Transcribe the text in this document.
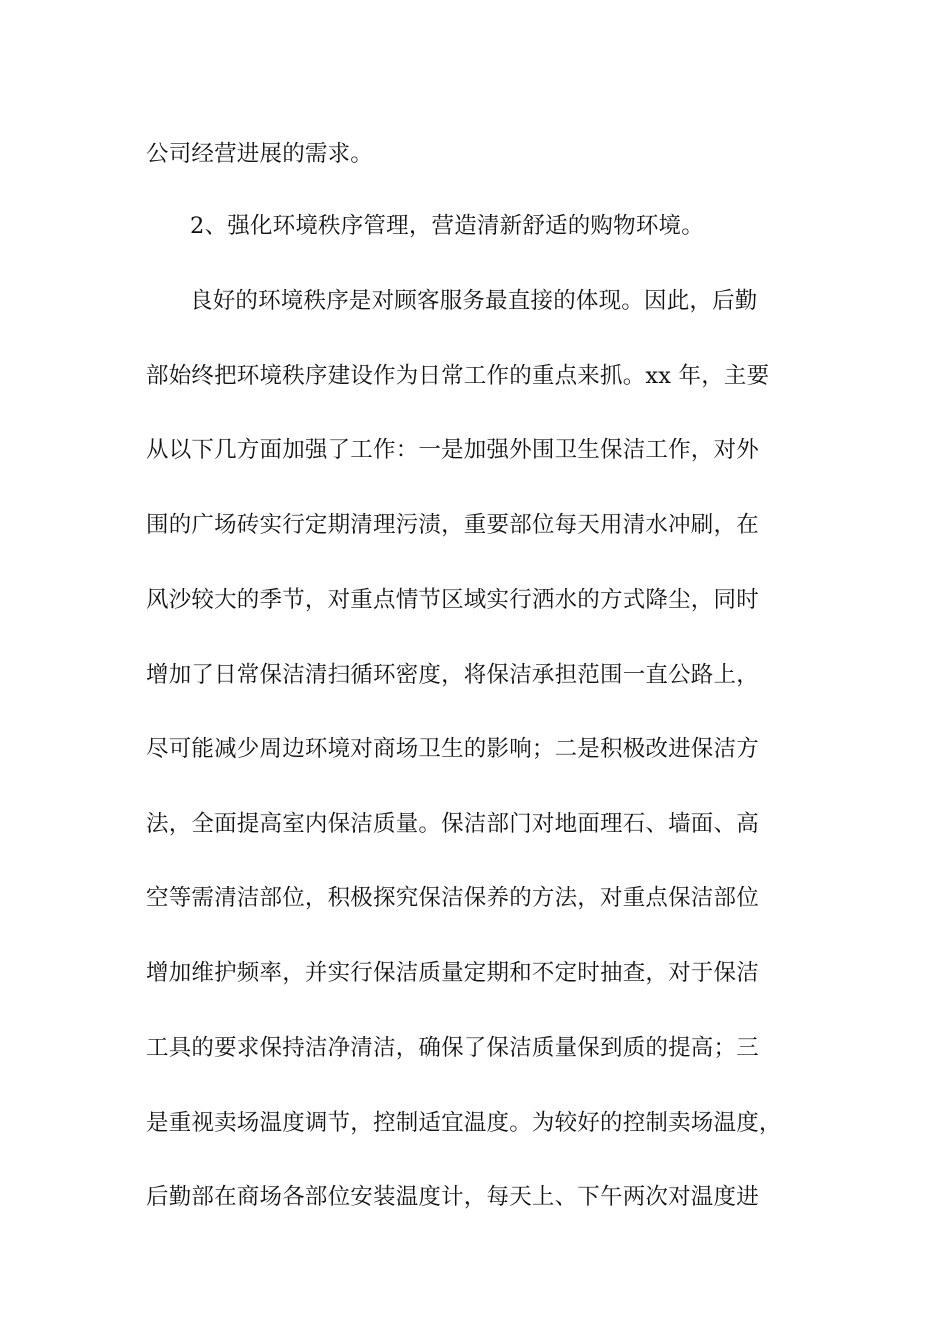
公司经营进展的需求。
2、强化环境秩序管理，营造清新舒适的购物环境。
良好的环境秩序是对顾客服务最直接的体现。因此，后勤
部始终把环境秩序建设作为日常工作的重点来抓。xx 年，主要
从以下几方面加强了工作：一是加强外围卫生保洁工作，对外
围的广场砖实行定期清理污渍，重要部位每天用清水冲刷，在
风沙较大的季节，对重点情节区域实行洒水的方式降尘，同时
增加了日常保洁清扫循环密度，将保洁承担范围一直公路上，
尽可能减少周边环境对商场卫生的影响；二是积极改进保洁方
法，全面提高室内保洁质量。保洁部门对地面理石、墙面、高
空等需清洁部位，积极探究保洁保养的方法，对重点保洁部位
增加维护频率，并实行保洁质量定期和不定时抽查，对于保洁
工具的要求保持洁净清洁，确保了保洁质量保到质的提高；三
是重视卖场温度调节，控制适宜温度。为较好的控制卖场温度，
后勤部在商场各部位安装温度计，每天上、下午两次对温度进
